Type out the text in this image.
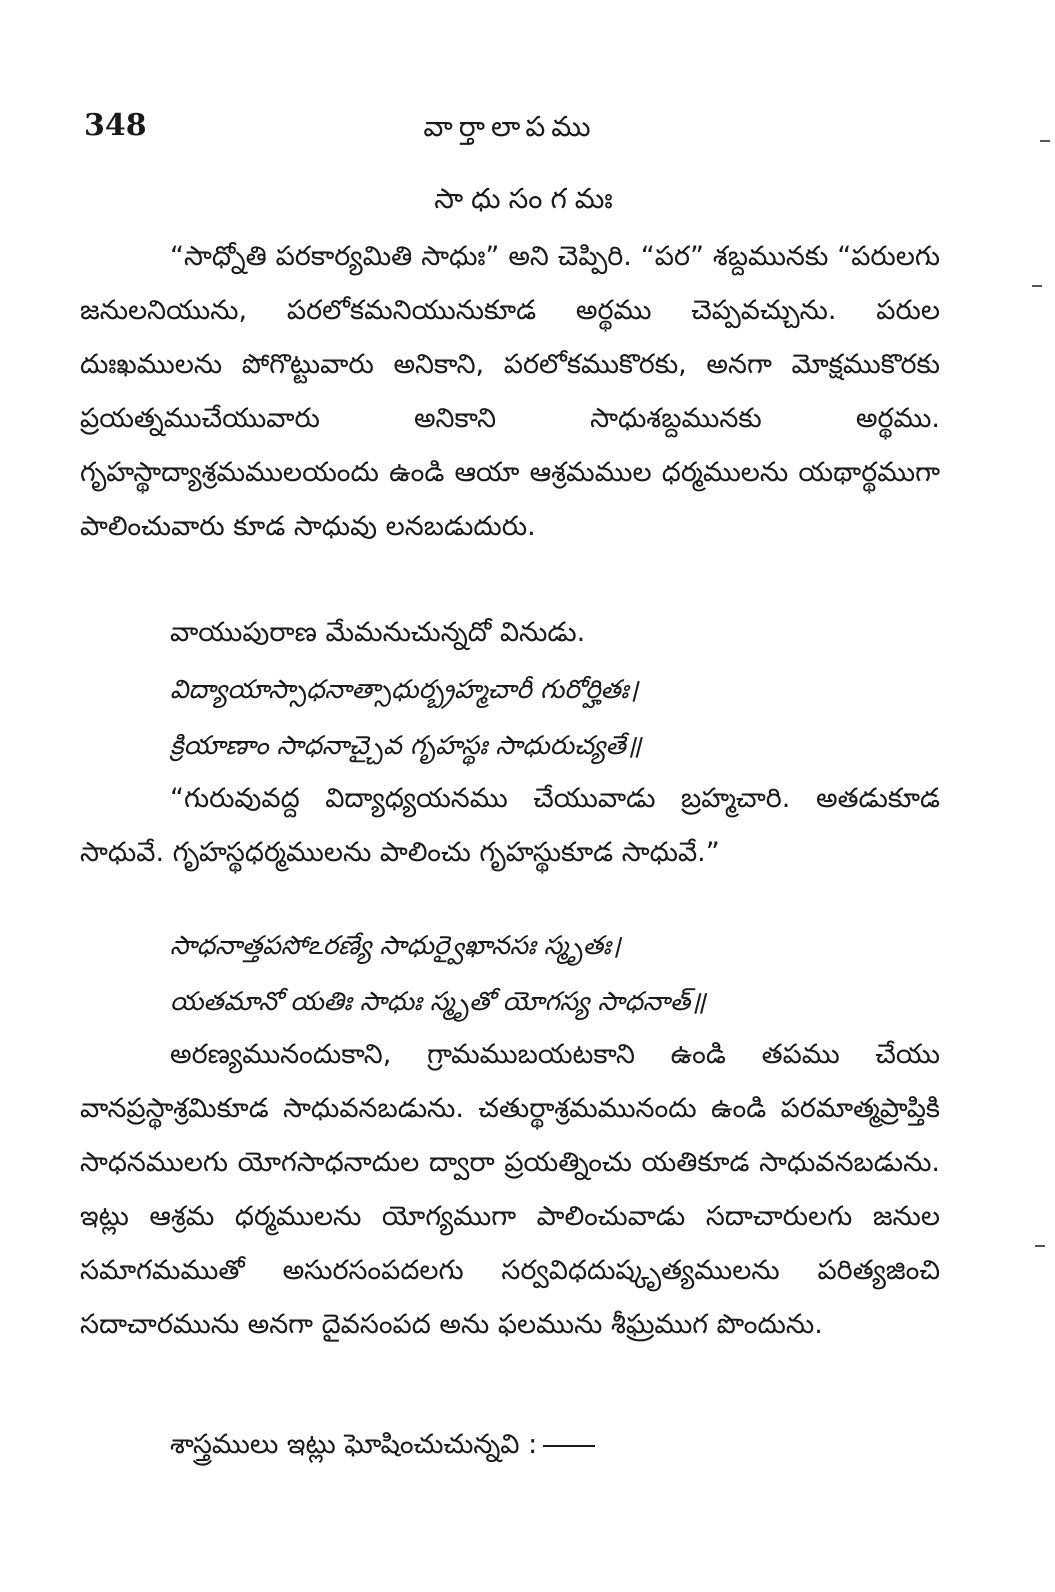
348	వార్తాలాపము
సాధుసంగమః

“సాధ్నోతి పరకార్యమితి సాధుః” అని చెప్పిరి. “పర” శబ్దమునకు “పరులగు జనులనియును, పరలోకమనియునుకూడ అర్థము చెప్పవచ్చును. పరుల దుఃఖములను పోగొట్టువారు అనికాని, పరలోకముకొరకు, అనగా మోక్షముకొరకు ప్రయత్నముచేయువారు అనికాని సాధుశబ్దమునకు అర్థము. గృహస్థాద్యాశ్రమములయందు ఉండి ఆయా ఆశ్రమముల ధర్మములను యథార్థముగా పాలించువారు కూడ సాధువు లనబడుదురు.

వాయుపురాణ మేమనుచున్నదో వినుడు.

విద్యాయాస్సాధనాత్సాధుర్బ్రహ్మచారీ గురోర్హితః।
క్రియాణాం సాధనాచ్చైవ గృహస్థః సాధురుచ్యతే॥

“గురువువద్ద విద్యాధ్యయనము చేయువాడు బ్రహ్మచారి. అతడుకూడ సాధువే. గృహస్థధర్మములను పాలించు గృహస్థుకూడ సాధువే.”

సాధనాత్తపసోఽరణ్యే సాధుర్వైఖానసః స్మృతః।
యతమానో యతిః సాధుః స్మృతో యోగస్య సాధనాత్॥

అరణ్యమునందుకాని, గ్రామముబయటకాని ఉండి తపము చేయు వానప్రస్థాశ్రమికూడ సాధువనబడును. చతుర్థాశ్రమమునందు ఉండి పరమాత్మప్రాప్తికి సాధనములగు యోగసాధనాదుల ద్వారా ప్రయత్నించు యతికూడ సాధువనబడును. ఇట్లు ఆశ్రమ ధర్మములను యోగ్యముగా పాలించువాడు సదాచారులగు జనుల సమాగమముతో అసురసంపదలగు సర్వవిధదుష్కృత్యములను పరిత్యజించి సదాచారమును అనగా దైవసంపద అను ఫలమును శీఘ్రముగ పొందును.

శాస్త్రములు ఇట్లు ఘోషించుచున్నవి :
